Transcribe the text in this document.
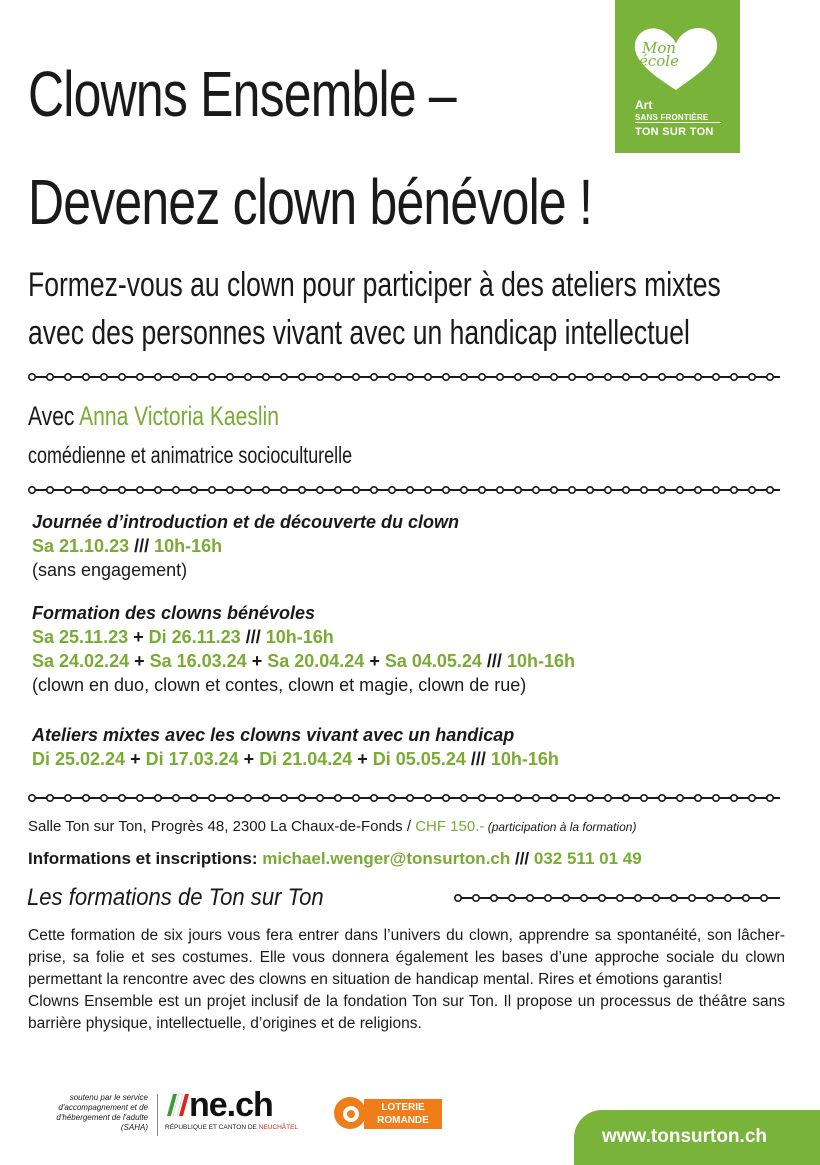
Mon
école
Art
SANS FRONTIÈRE
TON SUR TON
Clowns Ensemble –
Devenez clown bénévole !
Formez-vous au clown pour participer à des ateliers mixtes
avec des personnes vivant avec un handicap intellectuel
Avec Anna Victoria Kaeslin
comédienne et animatrice socioculturelle
Journée d’introduction et de découverte du clown
Sa 21.10.23 /// 10h-16h
(sans engagement)
Formation des clowns bénévoles
Sa 25.11.23 + Di 26.11.23 /// 10h-16h
Sa 24.02.24 + Sa 16.03.24 + Sa 20.04.24 + Sa 04.05.24 /// 10h-16h
(clown en duo, clown et contes, clown et magie, clown de rue)
Ateliers mixtes avec les clowns vivant avec un handicap
Di 25.02.24 + Di 17.03.24 + Di 21.04.24 + Di 05.05.24 /// 10h-16h
Salle Ton sur Ton, Progrès 48, 2300 La Chaux-de-Fonds / CHF 150.- (participation à la formation)
Informations et inscriptions: michael.wenger@tonsurton.ch /// 032 511 01 49
Les formations de Ton sur Ton

Cette formation de six jours vous fera entrer dans l’univers du clown, apprendre sa spontanéité, son lâcher-prise, sa folie et ses costumes. Elle vous donnera également les bases d’une approche sociale du clown permettant la rencontre avec des clowns en situation de handicap mental. Rires et émotions garantis!

Clowns Ensemble est un projet inclusif de la fondation Ton sur Ton. Il propose un processus de théâtre sans barrière physique, intellectuelle, d’origines et de religions.

soutenu par le service d'accompagnement et de d'hébergement de l'adulte (SAHA)
ne.ch
RÉPUBLIQUE ET CANTON DE NEUCHÂTEL
LOTERIE
ROMANDE
www.tonsurton.ch
